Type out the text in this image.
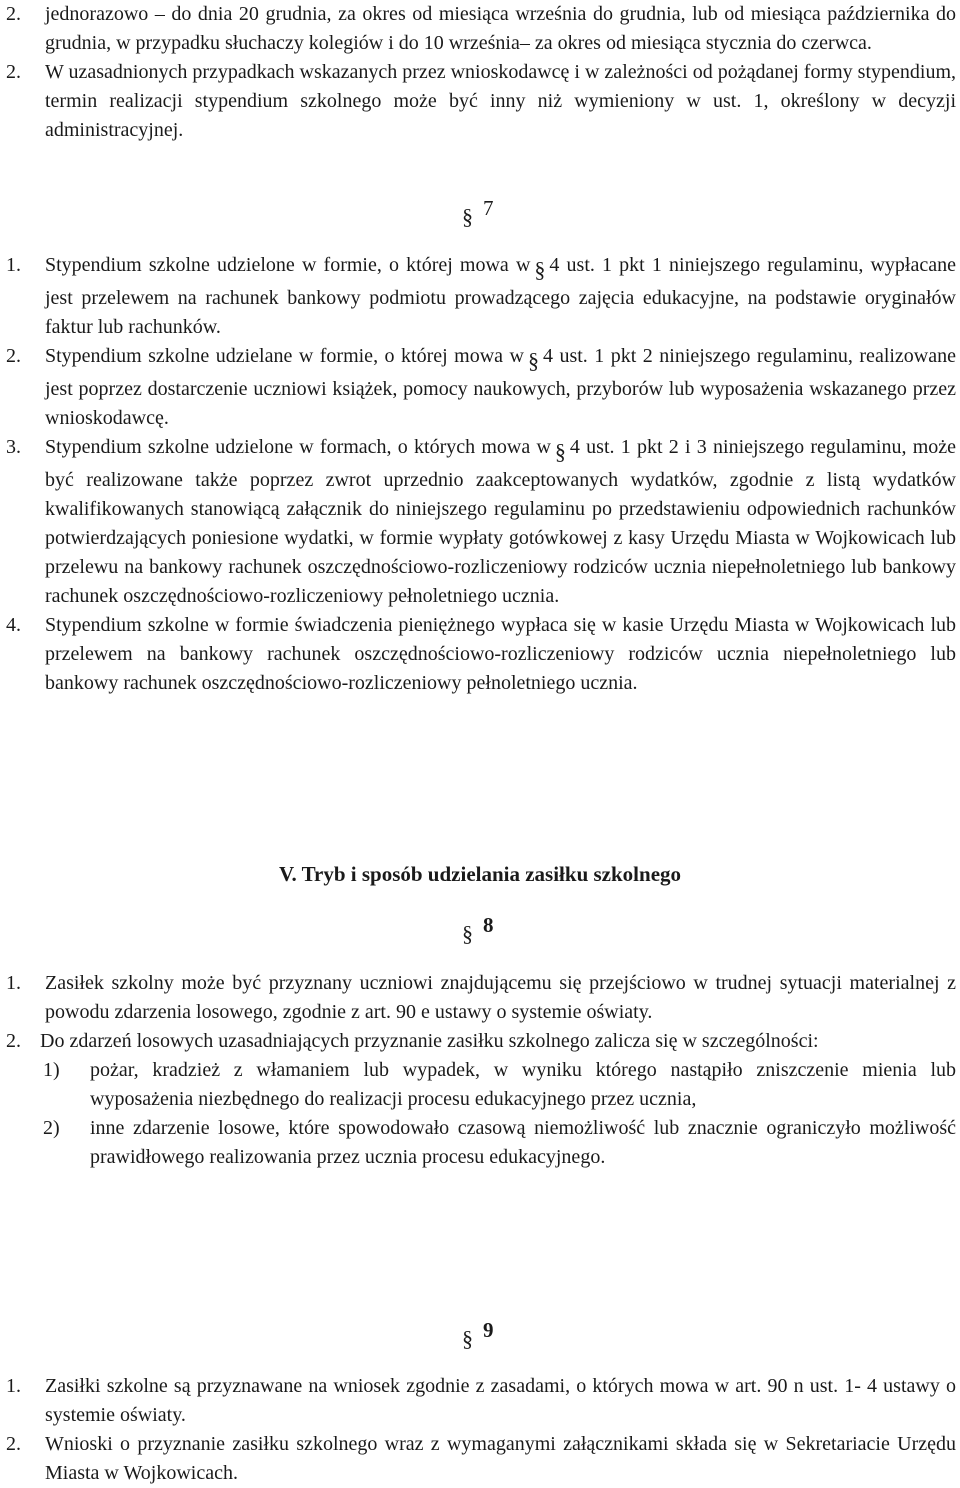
2. jednorazowo – do dnia 20 grudnia, za okres od miesiąca września do grudnia, lub od miesiąca października do grudnia, w przypadku słuchaczy kolegiów i do 10 września– za okres od miesiąca stycznia do czerwca.
2. W uzasadnionych przypadkach wskazanych przez wnioskodawcę i w zależności od pożądanej formy stypendium, termin realizacji stypendium szkolnego może być inny niż wymieniony w ust. 1, określony w decyzji administracyjnej.
§ 7
1. Stypendium szkolne udzielone w formie, o której mowa w § 4 ust. 1 pkt 1 niniejszego regulaminu, wypłacane jest przelewem na rachunek bankowy podmiotu prowadzącego zajęcia edukacyjne, na podstawie oryginałów faktur lub rachunków.
2. Stypendium szkolne udzielane w formie, o której mowa w § 4 ust. 1 pkt 2 niniejszego regulaminu, realizowane jest poprzez dostarczenie uczniowi książek, pomocy naukowych, przyborów lub wyposażenia wskazanego przez wnioskodawcę.
3. Stypendium szkolne udzielone w formach, o których mowa w § 4 ust. 1 pkt 2 i 3 niniejszego regulaminu, może być realizowane także poprzez zwrot uprzednio zaakceptowanych wydatków, zgodnie z listą wydatków kwalifikowanych stanowiącą załącznik do niniejszego regulaminu po przedstawieniu odpowiednich rachunków potwierdzających poniesione wydatki, w formie wypłaty gotówkowej z kasy Urzędu Miasta w Wojkowicach lub przelewu na bankowy rachunek oszczędnościowo-rozliczeniowy rodziców ucznia niepełnoletniego lub bankowy rachunek oszczędnościowo-rozliczeniowy pełnoletniego ucznia.
4. Stypendium szkolne w formie świadczenia pieniężnego wypłaca się w kasie Urzędu Miasta w Wojkowicach lub przelewem na bankowy rachunek oszczędnościowo-rozliczeniowy rodziców ucznia niepełnoletniego lub bankowy rachunek oszczędnościowo-rozliczeniowy pełnoletniego ucznia.
V. Tryb i sposób udzielania zasiłku szkolnego
§ 8
1. Zasiłek szkolny może być przyznany uczniowi znajdującemu się przejściowo w trudnej sytuacji materialnej z powodu zdarzenia losowego, zgodnie z art. 90 e ustawy o systemie oświaty.
2. Do zdarzeń losowych uzasadniających przyznanie zasiłku szkolnego zalicza się w szczególności:
1) pożar, kradzież z włamaniem lub wypadek, w wyniku którego nastąpiło zniszczenie mienia lub wyposażenia niezbędnego do realizacji procesu edukacyjnego przez ucznia,
2) inne zdarzenie losowe, które spowodowało czasową niemożliwość lub znacznie ograniczyło możliwość prawidłowego realizowania przez ucznia procesu edukacyjnego.
§ 9
1. Zasiłki szkolne są przyznawane na wniosek zgodnie z zasadami, o których mowa w art. 90 n ust. 1- 4 ustawy o systemie oświaty.
2. Wnioski o przyznanie zasiłku szkolnego wraz z wymaganymi załącznikami składa się w Sekretariacie Urzędu Miasta w Wojkowicach.
